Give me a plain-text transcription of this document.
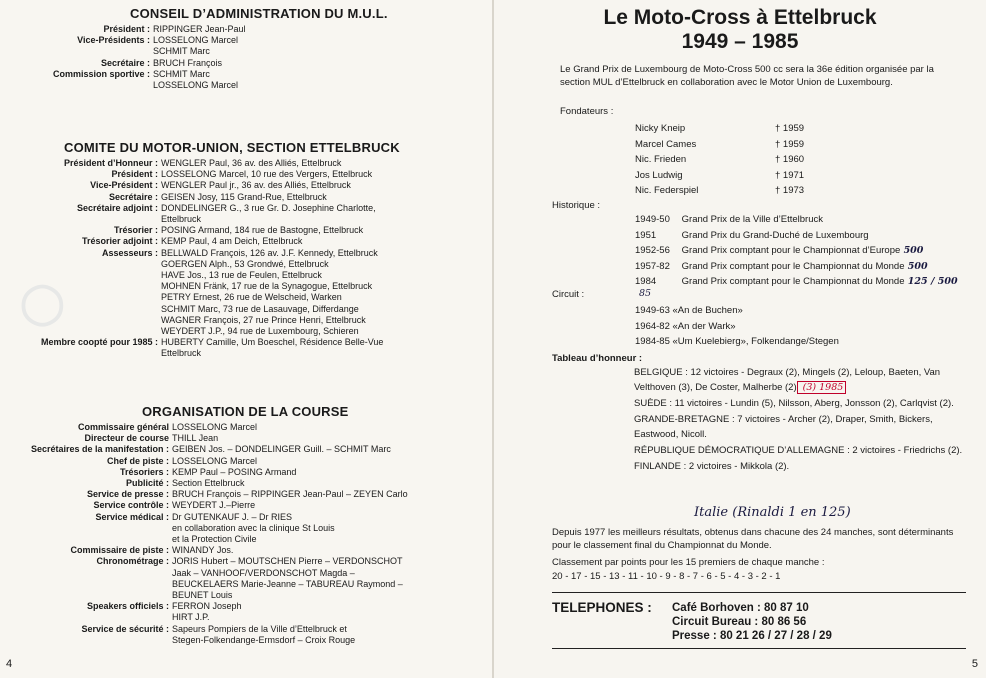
◯
CONSEIL D’ADMINISTRATION DU M.U.L.
Président : RIPPINGER Jean-Paul
Vice-Présidents : LOSSELONG Marcel
SCHMIT Marc
Secrétaire : BRUCH François
Commission sportive : SCHMIT Marc
LOSSELONG Marcel
COMITE DU MOTOR-UNION, SECTION ETTELBRUCK
Président d’Honneur : WENGLER Paul, 36 av. des Alliés, Ettelbruck
Président : LOSSELONG Marcel, 10 rue des Vergers, Ettelbruck
Vice-Président : WENGLER Paul jr., 36 av. des Alliés, Ettelbruck
Secrétaire : GEISEN Josy, 115 Grand-Rue, Ettelbruck
Secrétaire adjoint : DONDELINGER G., 3 rue Gr. D. Josephine Charlotte,
Ettelbruck
Trésorier : POSING Armand, 184 rue de Bastogne, Ettelbruck
Trésorier adjoint : KEMP Paul, 4 am Deich, Ettelbruck
Assesseurs : BELLWALD François, 126 av. J.F. Kennedy, Ettelbruck
GOERGEN Alph., 53 Grondwé, Ettelbruck
HAVE Jos., 13 rue de Feulen, Ettelbruck
MOHNEN Fränk, 17 rue de la Synagogue, Ettelbruck
PETRY Ernest, 26 rue de Welscheid, Warken
SCHMIT Marc, 73 rue de Lasauvage, Differdange
WAGNER François, 27 rue Prince Henri, Ettelbruck
WEYDERT J.P., 94 rue de Luxembourg, Schieren
Membre coopté pour 1985 : HUBERTY Camille, Um Boeschel, Résidence Belle-Vue
Ettelbruck
ORGANISATION DE LA COURSE
Commissaire général LOSSELONG Marcel
Directeur de course THILL Jean
Secrétaires de la manifestation : GEIBEN Jos. – DONDELINGER Guill. – SCHMIT Marc
Chef de piste : LOSSELONG Marcel
Trésoriers : KEMP Paul – POSING Armand
Publicité : Section Ettelbruck
Service de presse : BRUCH François – RIPPINGER Jean-Paul – ZEYEN Carlo
Service contrôle : WEYDERT J.–Pierre
Service médical : Dr GUTENKAUF J. – Dr RIES
en collaboration avec la clinique St Louis
et la Protection Civile
Commissaire de piste : WINANDY Jos.
Chronométrage : JORIS Hubert – MOUTSCHEN Pierre – VERDONSCHOT
Jaak – VANHOOF/VERDONSCHOT Magda –
BEUCKELAERS Marie-Jeanne – TABUREAU Raymond –
BEUNET Louis
Speakers officiels : FERRON Joseph
HIRT J.P.
Service de sécurité : Sapeurs Pompiers de la Ville d’Ettelbruck et
Stegen-Folkendange-Ermsdorf – Croix Rouge
4
Le Moto-Cross à Ettelbruck
1949 – 1985
Le Grand Prix de Luxembourg de Moto-Cross 500 cc sera la 36e édition organisée par la section MUL d’Ettelbruck en collaboration avec le Motor Union de Luxembourg.
Fondateurs :
Nicky Kneip	† 1959
Marcel Cames	† 1959
Nic. Frieden	† 1960
Jos Ludwig	† 1971
Nic. Federspiel	† 1973
Historique :
1949-50 Grand Prix de la Ville d’Ettelbruck
1951 Grand Prix du Grand-Duché de Luxembourg
1952-56 Grand Prix comptant pour le Championnat d’Europe 500
1957-82 Grand Prix comptant pour le Championnat du Monde 500
1984 Grand Prix comptant pour le Championnat du Monde 125 / 500
85
Circuit :
1949-63 «An de Buchen»
1964-82 «An der Wark»
1984-85 «Um Kuelebierg», Folkendange/Stegen
Tableau d’honneur :

BELGIQUE : 12 victoires - Degraux (2), Mingels (2), Leloup, Baeten, Van Velthoven (3), De Coster, Malherbe (2) (3) 1985

SUÈDE : 11 victoires - Lundin (5), Nilsson, Aberg, Jonsson (2), Carlqvist (2).

GRANDE-BRETAGNE : 7 victoires - Archer (2), Draper, Smith, Bickers, Eastwood, Nicoll.

RÉPUBLIQUE DÉMOCRATIQUE D’ALLEMAGNE : 2 victoires - Friedrichs (2).

FINLANDE : 2 victoires - Mikkola (2).

Italie (Rinaldi 1 en 125)
Depuis 1977 les meilleurs résultats, obtenus dans chacune des 24 manches, sont déterminants pour le classement final du Championnat du Monde.
Classement par points pour les 15 premiers de chaque manche :
20 - 17 - 15 - 13 - 11 - 10 - 9 - 8 - 7 - 6 - 5 - 4 - 3 - 2 - 1
TELEPHONES : Café Borhoven : 80 87 10
Circuit Bureau : 80 86 56
Presse : 80 21 26 / 27 / 28 / 29
5
